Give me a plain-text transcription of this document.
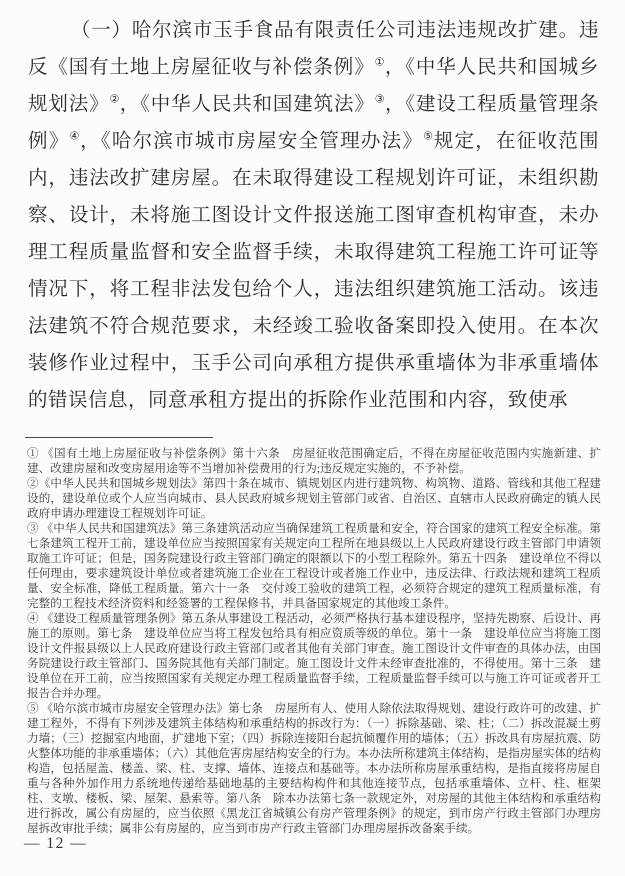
（一）哈尔滨市玉手食品有限责任公司违法违规改扩建。违反《国有土地上房屋征收与补偿条例》①，《中华人民共和国城乡规划法》②，《中华人民共和国建筑法》③，《建设工程质量管理条例》④，《哈尔滨市城市房屋安全管理办法》⑤规定，在征收范围内，违法改扩建房屋。在未取得建设工程规划许可证，未组织勘察、设计，未将施工图设计文件报送施工图审查机构审查，未办理工程质量监督和安全监督手续，未取得建筑工程施工许可证等情况下，将工程非法发包给个人，违法组织建筑施工活动。该违法建筑不符合规范要求，未经竣工验收备案即投入使用。在本次装修作业过程中，玉手公司向承租方提供承重墙体为非承重墙体的错误信息，同意承租方提出的拆除作业范围和内容，致使承
① 《国有土地上房屋征收与补偿条例》第十六条　房屋征收范围确定后，不得在房屋征收范围内实施新建、扩建、改建房屋和改变房屋用途等不当增加补偿费用的行为;违反规定实施的，不予补偿。
②《中华人民共和国城乡规划法》第四十条在城市、镇规划区内进行建筑物、构筑物、道路、管线和其他工程建设的，建设单位或个人应当向城市、县人民政府城乡规划主管部门或省、自治区、直辖市人民政府确定的镇人民政府申请办理建设工程规划许可证。
③ 《中华人民共和国建筑法》第三条建筑活动应当确保建筑工程质量和安全，符合国家的建筑工程安全标准。第七条建筑工程开工前，建设单位应当按照国家有关规定向工程所在地县级以上人民政府建设行政主管部门申请领取施工许可证；但是，国务院建设行政主管部门确定的限额以下的小型工程除外。第五十四条　建设单位不得以任何理由，要求建筑设计单位或者建筑施工企业在工程设计或者施工作业中，违反法律、行政法规和建筑工程质量、安全标准，降低工程质量。第六十一条　交付竣工验收的建筑工程，必须符合规定的建筑工程质量标准，有完整的工程技术经济资料和经签署的工程保修书，并具备国家规定的其他竣工条件。
④ 《建设工程质量管理条例》第五条从事建设工程活动，必须严格执行基本建设程序，坚持先勘察、后设计、再施工的原则。第七条　建设单位应当将工程发包给具有相应资质等级的单位。第十一条　建设单位应当将施工图设计文件报县级以上人民政府建设行政主管部门或者其他有关部门审查。施工图设计文件审查的具体办法，由国务院建设行政主管部门、国务院其他有关部门制定。施工图设计文件未经审查批准的，不得使用。第十三条　建设单位在开工前，应当按照国家有关规定办理工程质量监督手续，工程质量监督手续可以与施工许可证或者开工报告合并办理。
⑤ 《哈尔滨市城市房屋安全管理办法》第七条　房屋所有人、使用人除依法取得规划、建设行政许可的改建、扩建工程外，不得有下列涉及建筑主体结构和承重结构的拆改行为：（一）拆除基础、梁、柱；（二）拆改混凝土剪力墙；（三）挖掘室内地面，扩建地下室；（四）拆除连接阳台起抗倾覆作用的墙体；（五）拆改具有房屋抗震、防火整体功能的非承重墙体；（六）其他危害房屋结构安全的行为。本办法所称建筑主体结构，是指房屋实体的结构构造，包括屋盖、楼盖、梁、柱、支撑、墙体、连接点和基础等。本办法所称房屋承重结构，是指直接将房屋自重与各种外加作用力系统地传递给基础地基的主要结构构件和其他连接节点，包括承重墙体、立杆、柱、框架柱、支墩、楼板、梁、屋架、悬索等。第八条　除本办法第七条一款规定外，对房屋的其他主体结构和承重结构进行拆改，属公有房屋的，应当依照《黑龙江省城镇公有房产管理条例》的规定，到市房产行政主管部门办理房屋拆改审批手续；属非公有房屋的，应当到市房产行政主管部门办理房屋拆改备案手续。
— 12 —
